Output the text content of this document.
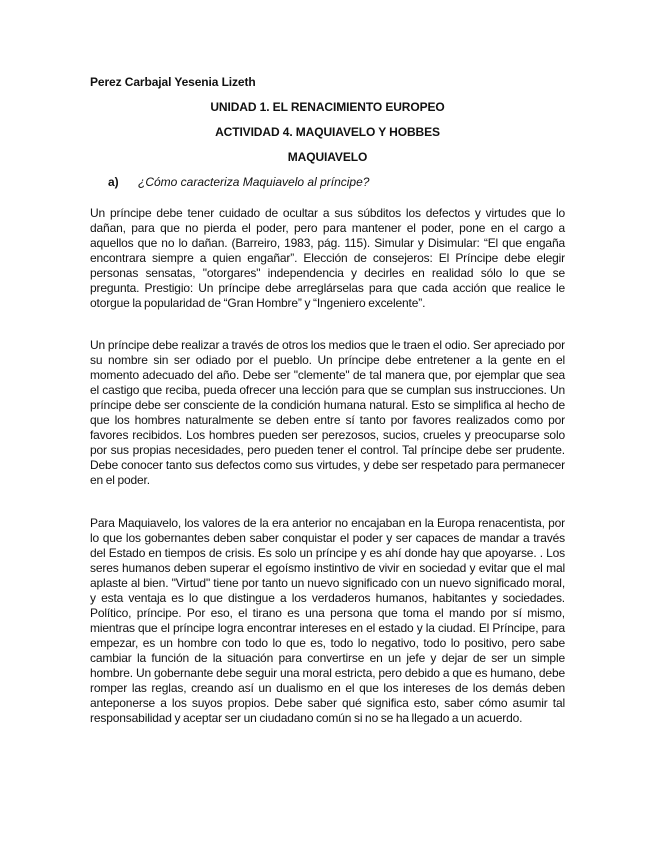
Perez Carbajal Yesenia Lizeth
UNIDAD 1. EL RENACIMIENTO EUROPEO
ACTIVIDAD 4. MAQUIAVELO Y HOBBES
MAQUIAVELO
a) ¿Cómo caracteriza Maquiavelo al príncipe?

Un príncipe debe tener cuidado de ocultar a sus súbditos los defectos y virtudes que lo dañan, para que no pierda el poder, pero para mantener el poder, pone en el cargo a aquellos que no lo dañan. (Barreiro, 1983, pág. 115). Simular y Disimular: “El que engaña encontrara siempre a quien engañar”. Elección de consejeros: El Príncipe debe elegir personas sensatas, "otorgares" independencia y decirles en realidad sólo lo que se pregunta. Prestigio: Un príncipe debe arreglárselas para que cada acción que realice le otorgue la popularidad de “Gran Hombre” y “Ingeniero excelente”.

Un príncipe debe realizar a través de otros los medios que le traen el odio. Ser apreciado por su nombre sin ser odiado por el pueblo. Un príncipe debe entretener a la gente en el momento adecuado del año. Debe ser "clemente" de tal manera que, por ejemplar que sea el castigo que reciba, pueda ofrecer una lección para que se cumplan sus instrucciones. Un príncipe debe ser consciente de la condición humana natural. Esto se simplifica al hecho de que los hombres naturalmente se deben entre sí tanto por favores realizados como por favores recibidos. Los hombres pueden ser perezosos, sucios, crueles y preocuparse solo por sus propias necesidades, pero pueden tener el control. Tal príncipe debe ser prudente. Debe conocer tanto sus defectos como sus virtudes, y debe ser respetado para permanecer en el poder.

Para Maquiavelo, los valores de la era anterior no encajaban en la Europa renacentista, por lo que los gobernantes deben saber conquistar el poder y ser capaces de mandar a través del Estado en tiempos de crisis. Es solo un príncipe y es ahí donde hay que apoyarse. . Los seres humanos deben superar el egoísmo instintivo de vivir en sociedad y evitar que el mal aplaste al bien. "Virtud" tiene por tanto un nuevo significado con un nuevo significado moral, y esta ventaja es lo que distingue a los verdaderos humanos, habitantes y sociedades. Político, príncipe. Por eso, el tirano es una persona que toma el mando por sí mismo, mientras que el príncipe logra encontrar intereses en el estado y la ciudad. El Príncipe, para empezar, es un hombre con todo lo que es, todo lo negativo, todo lo positivo, pero sabe cambiar la función de la situación para convertirse en un jefe y dejar de ser un simple hombre. Un gobernante debe seguir una moral estricta, pero debido a que es humano, debe romper las reglas, creando así un dualismo en el que los intereses de los demás deben anteponerse a los suyos propios. Debe saber qué significa esto, saber cómo asumir tal responsabilidad y aceptar ser un ciudadano común si no se ha llegado a un acuerdo.
